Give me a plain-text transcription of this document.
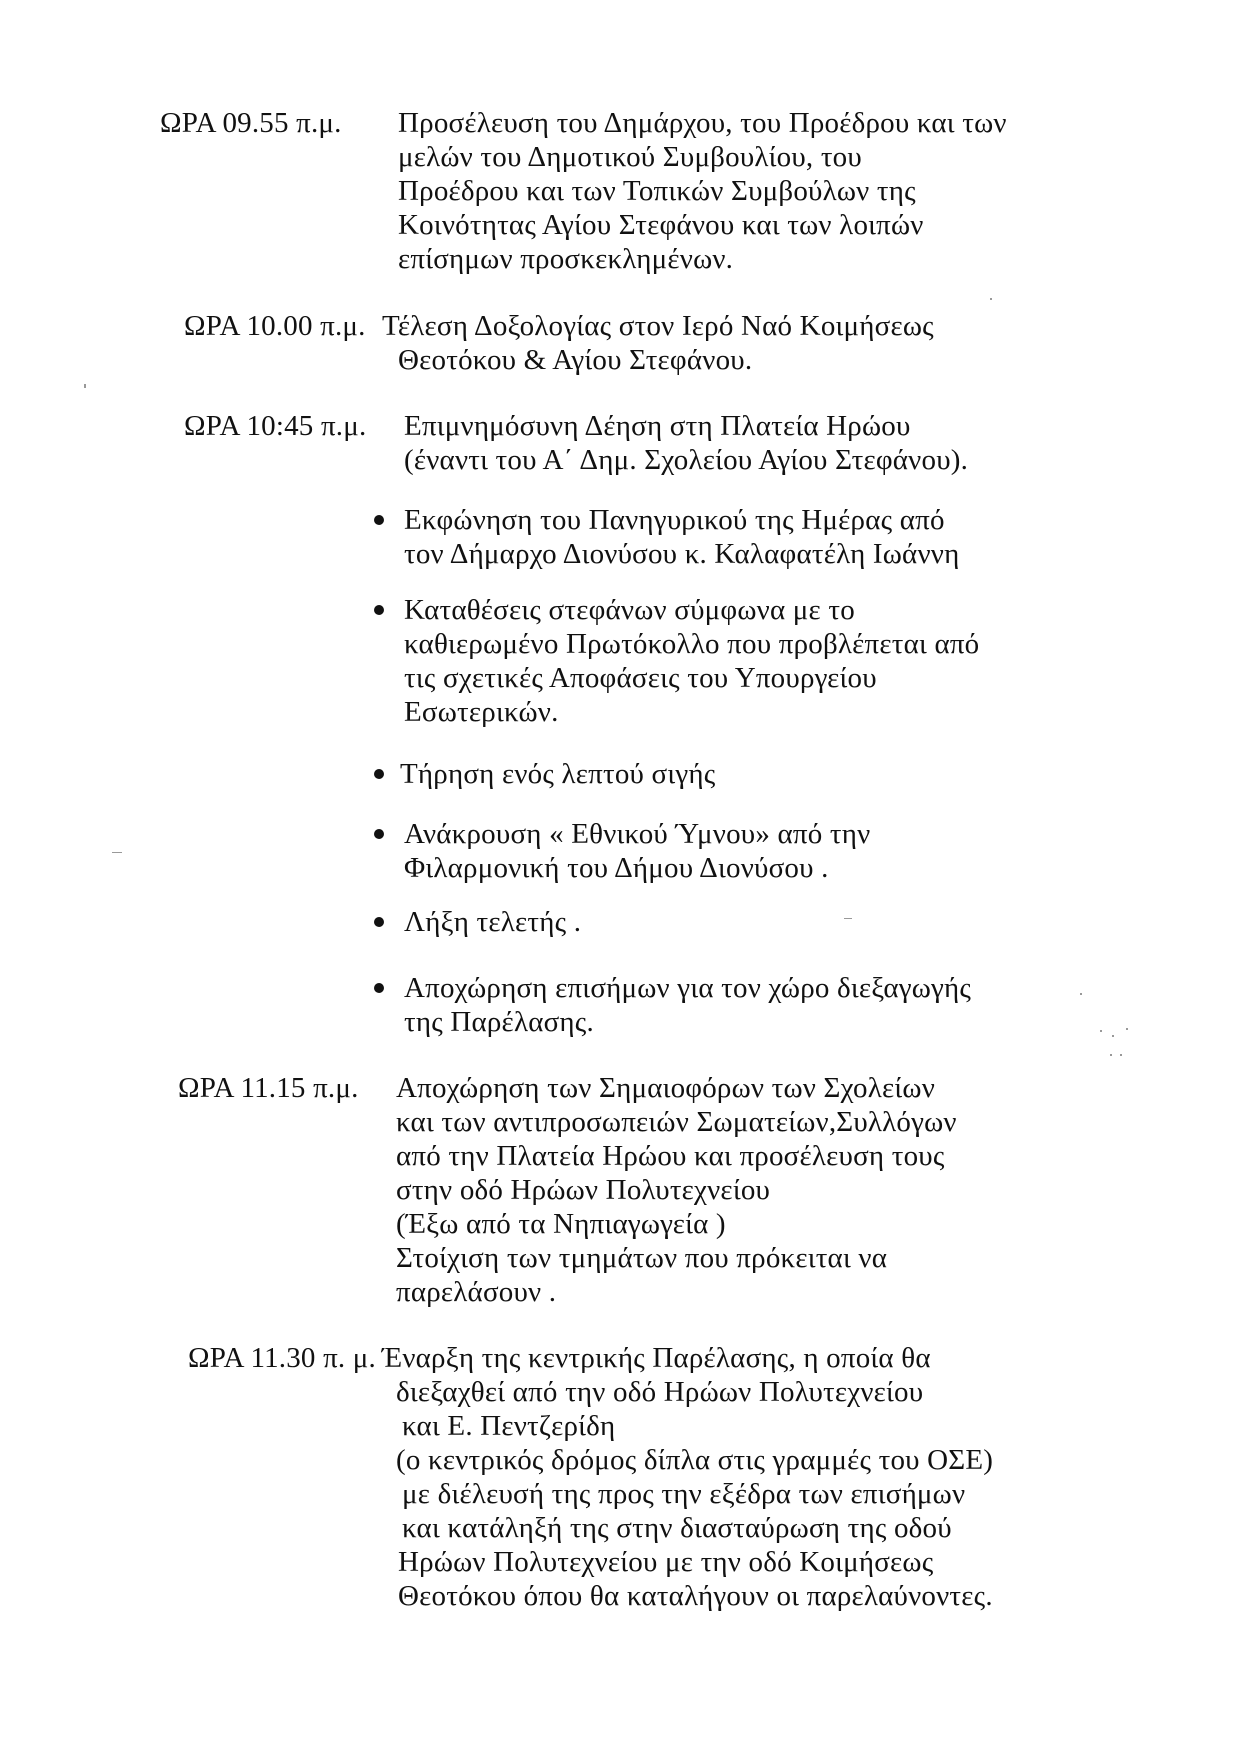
ΩΡΑ 09.55 π.μ. Προσέλευση του Δημάρχου, του Προέδρου και των
μελών του Δημοτικού Συμβουλίου, του
Προέδρου και των Τοπικών Συμβούλων της
Κοινότητας Αγίου Στεφάνου και των λοιπών
επίσημων προσκεκλημένων.
ΩΡΑ 10.00 π.μ. Τέλεση Δοξολογίας στον Ιερό Ναό Κοιμήσεως
Θεοτόκου & Αγίου Στεφάνου.
ΩΡΑ 10:45 π.μ. Επιμνημόσυνη Δέηση στη Πλατεία Ηρώου
(έναντι του Α΄ Δημ. Σχολείου Αγίου Στεφάνου).
Εκφώνηση του Πανηγυρικού της Ημέρας από
τον Δήμαρχο Διονύσου κ. Καλαφατέλη Ιωάννη
Καταθέσεις στεφάνων σύμφωνα με το
καθιερωμένο Πρωτόκολλο που προβλέπεται από
τις σχετικές Αποφάσεις του Υπουργείου
Εσωτερικών.
Τήρηση ενός λεπτού σιγής
Ανάκρουση « Εθνικού Ύμνου» από την
Φιλαρμονική του Δήμου Διονύσου .
Λήξη τελετής .
Αποχώρηση επισήμων για τον χώρο διεξαγωγής
της Παρέλασης.
ΩΡΑ 11.15 π.μ. Αποχώρηση των Σημαιοφόρων των Σχολείων
και των αντιπροσωπειών Σωματείων,Συλλόγων
από την Πλατεία Ηρώου και προσέλευση τους
στην οδό Ηρώων Πολυτεχνείου
(Έξω από τα Νηπιαγωγεία )
Στοίχιση των τμημάτων που πρόκειται να
παρελάσουν .
ΩΡΑ 11.30 π. μ. Έναρξη της κεντρικής Παρέλασης, η οποία θα
διεξαχθεί από την οδό Ηρώων Πολυτεχνείου
και Ε. Πεντζερίδη
(ο κεντρικός δρόμος δίπλα στις γραμμές του ΟΣΕ)
με διέλευσή της προς την εξέδρα των επισήμων
και κατάληξή της στην διασταύρωση της οδού
Ηρώων Πολυτεχνείου με την οδό Κοιμήσεως
Θεοτόκου όπου θα καταλήγουν οι παρελαύνοντες.
